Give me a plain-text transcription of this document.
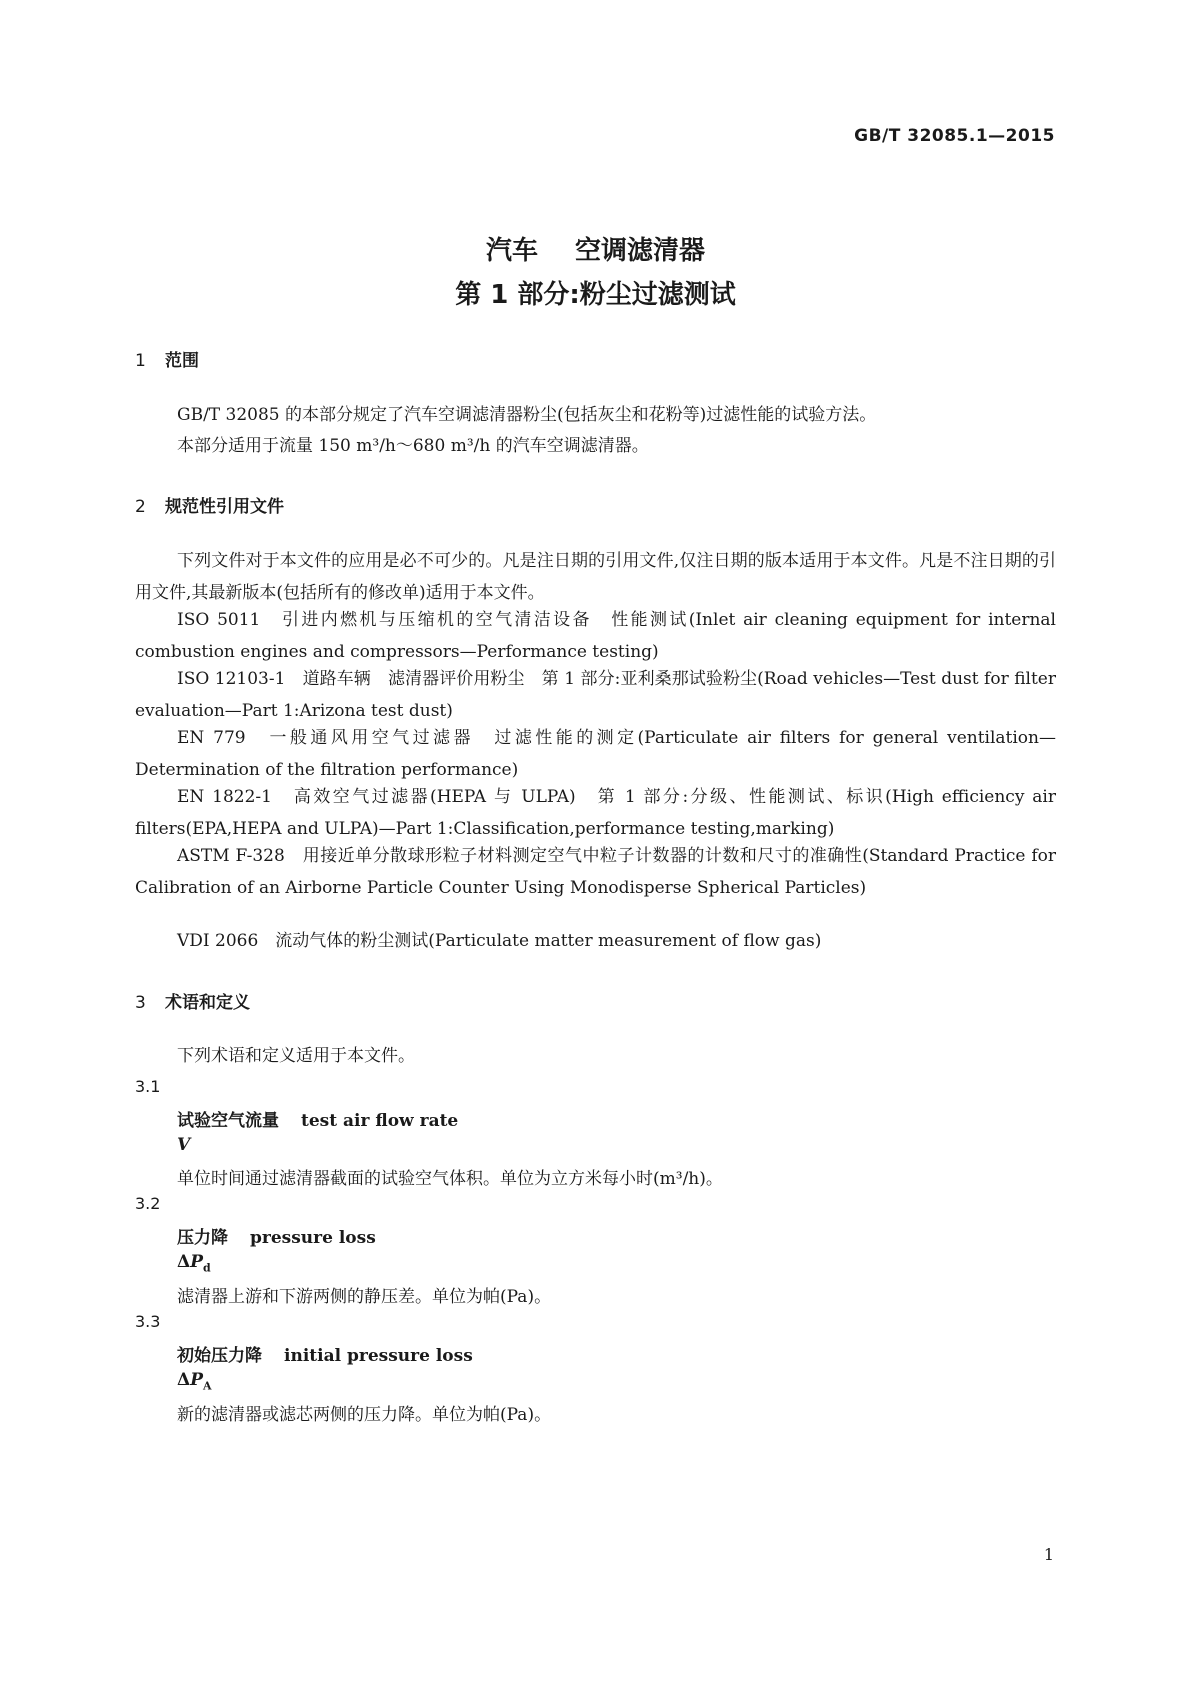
GB/T 32085.1—2015
汽车 空调滤清器
第 1 部分:粉尘过滤测试
1 范围
GB/T 32085 的本部分规定了汽车空调滤清器粉尘(包括灰尘和花粉等)过滤性能的试验方法。
本部分适用于流量 150 m³/h～680 m³/h 的汽车空调滤清器。
2 规范性引用文件
下列文件对于本文件的应用是必不可少的。凡是注日期的引用文件,仅注日期的版本适用于本文件。凡是不注日期的引用文件,其最新版本(包括所有的修改单)适用于本文件。
ISO 5011　引进内燃机与压缩机的空气清洁设备　性能测试(Inlet air cleaning equipment for internal combustion engines and compressors—Performance testing)
ISO 12103-1　道路车辆　滤清器评价用粉尘　第 1 部分:亚利桑那试验粉尘(Road vehicles—Test dust for filter evaluation—Part 1:Arizona test dust)
EN 779　一般通风用空气过滤器　过滤性能的测定(Particulate air filters for general ventilation—Determination of the filtration performance)
EN 1822-1　高效空气过滤器(HEPA 与 ULPA)　第 1 部分:分级、性能测试、标识(High efficiency air filters(EPA,HEPA and ULPA)—Part 1:Classification,performance testing,marking)
ASTM F-328　用接近单分散球形粒子材料测定空气中粒子计数器的计数和尺寸的准确性(Standard Practice for Calibration of an Airborne Particle Counter Using Monodisperse Spherical Particles)
VDI 2066　流动气体的粉尘测试(Particulate matter measurement of flow gas)
3 术语和定义
下列术语和定义适用于本文件。
3.1
试验空气流量 test air flow rate
V
单位时间通过滤清器截面的试验空气体积。单位为立方米每小时(m³/h)。
3.2
压力降 pressure loss
$\Delta P_d$
滤清器上游和下游两侧的静压差。单位为帕(Pa)。
3.3
初始压力降 initial pressure loss
$\Delta P_A$
新的滤清器或滤芯两侧的压力降。单位为帕(Pa)。
1
